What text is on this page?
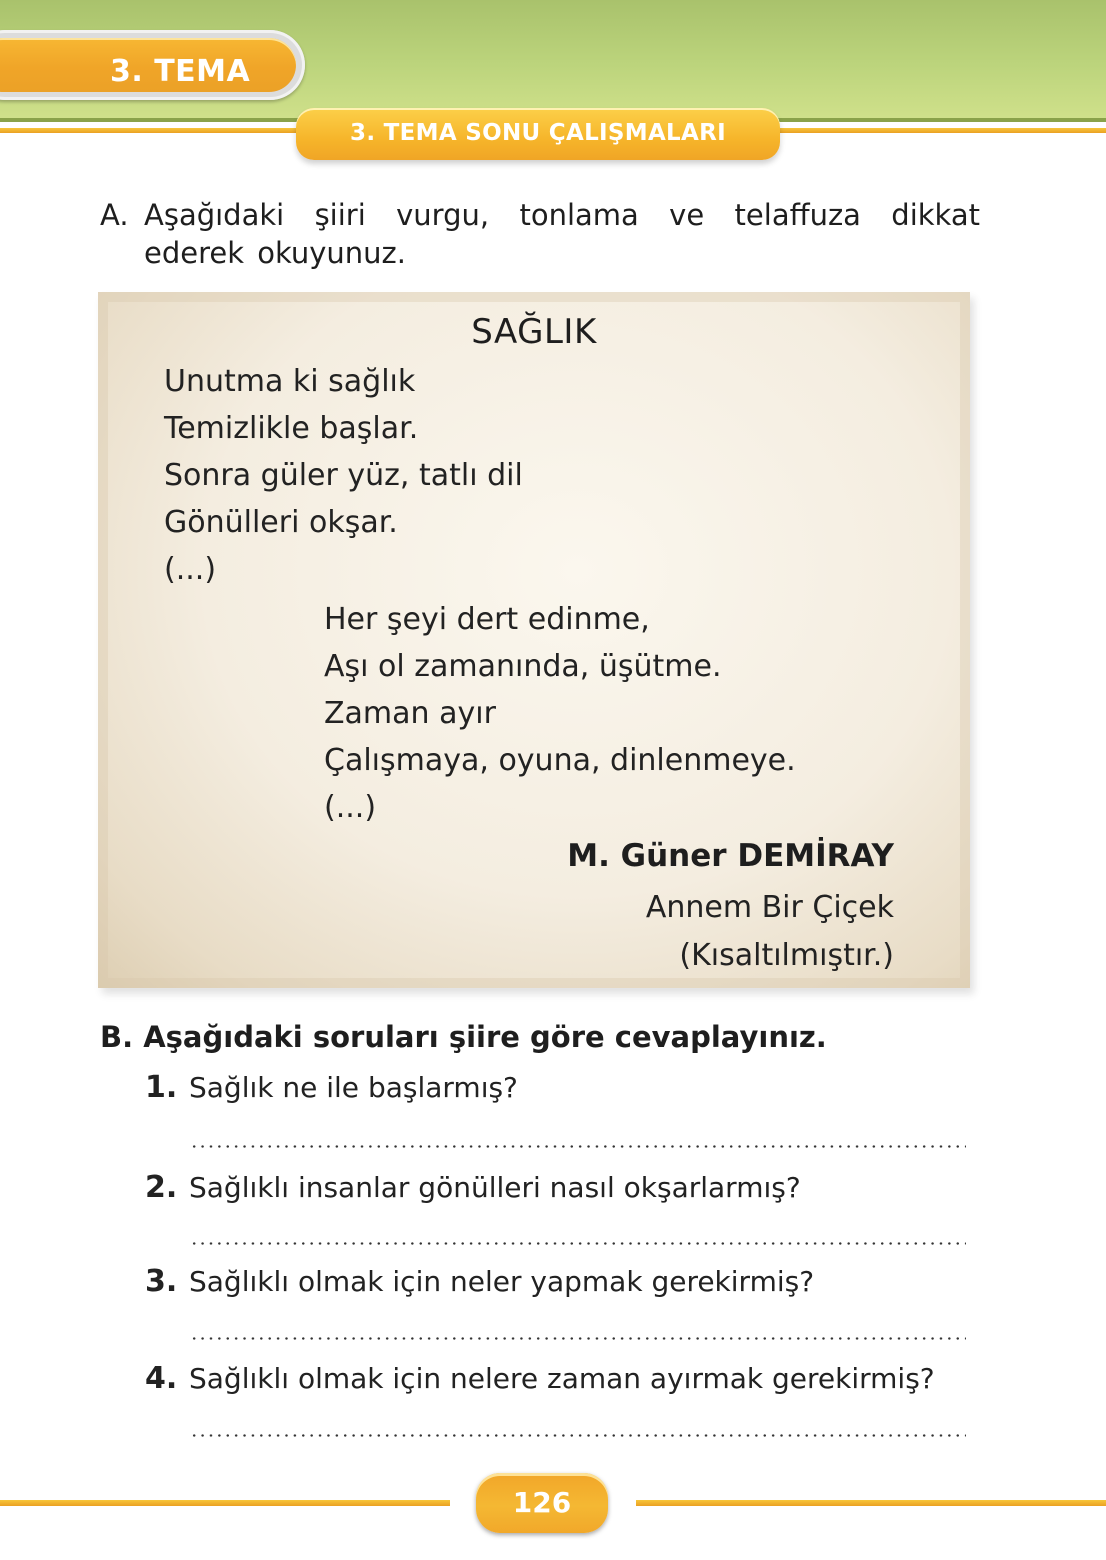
3. TEMA
3. TEMA SONU ÇALIŞMALARI
A. Aşağıdaki şiiri vurgu, tonlama ve telaffuza dikkat ederek okuyunuz.
SAĞLIK
Unutma ki sağlık
Temizlikle başlar.
Sonra güler yüz, tatlı dil
Gönülleri okşar.
(...)
Her şeyi dert edinme,
Aşı ol zamanında, üşütme.
Zaman ayır
Çalışmaya, oyuna, dinlenmeye.
(...)
M. Güner DEMİRAY
Annem Bir Çiçek
(Kısaltılmıştır.)
B. Aşağıdaki soruları şiire göre cevaplayınız.
1. Sağlık ne ile başlarmış?
2. Sağlıklı insanlar gönülleri nasıl okşarlarmış?
3. Sağlıklı olmak için neler yapmak gerekirmiş?
4. Sağlıklı olmak için nelere zaman ayırmak gerekirmiş?
126
